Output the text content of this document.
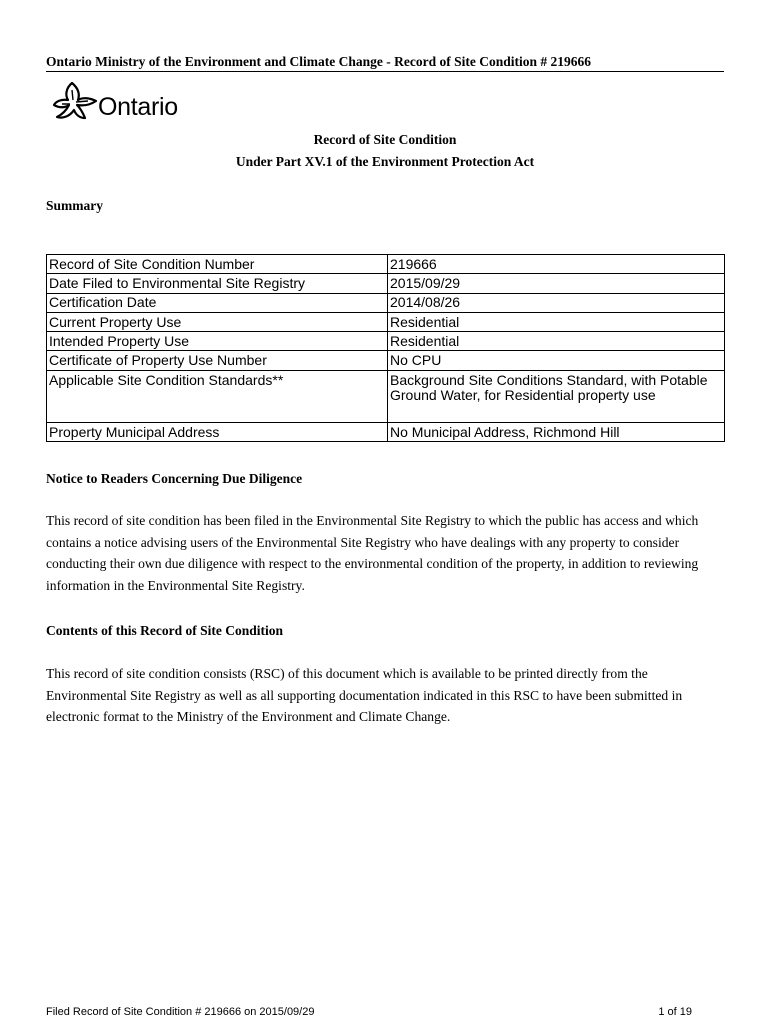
Ontario Ministry of the Environment and Climate Change - Record of Site Condition # 219666
Ontario
Record of Site Condition
Under Part XV.1 of the Environment Protection Act
Summary
Record of Site Condition Number	219666
Date Filed to Environmental Site Registry	2015/09/29
Certification Date	2014/08/26
Current Property Use	Residential
Intended Property Use	Residential
Certificate of Property Use Number	No CPU
Applicable Site Condition Standards**	Background Site Conditions Standard, with Potable Ground Water, for Residential property use
Property Municipal Address	No Municipal Address, Richmond Hill
Notice to Readers Concerning Due Diligence
This record of site condition has been filed in the Environmental Site Registry to which the public has access and which contains a notice advising users of the Environmental Site Registry who have dealings with any property to consider conducting their own due diligence with respect to the environmental condition of the property, in addition to reviewing information in the Environmental Site Registry.
Contents of this Record of Site Condition
This record of site condition consists (RSC) of this document which is available to be printed directly from the Environmental Site Registry as well as all supporting documentation indicated in this RSC to have been submitted in electronic format to the Ministry of the Environment and Climate Change.
Filed Record of Site Condition # 219666 on 2015/09/29	1 of 19
